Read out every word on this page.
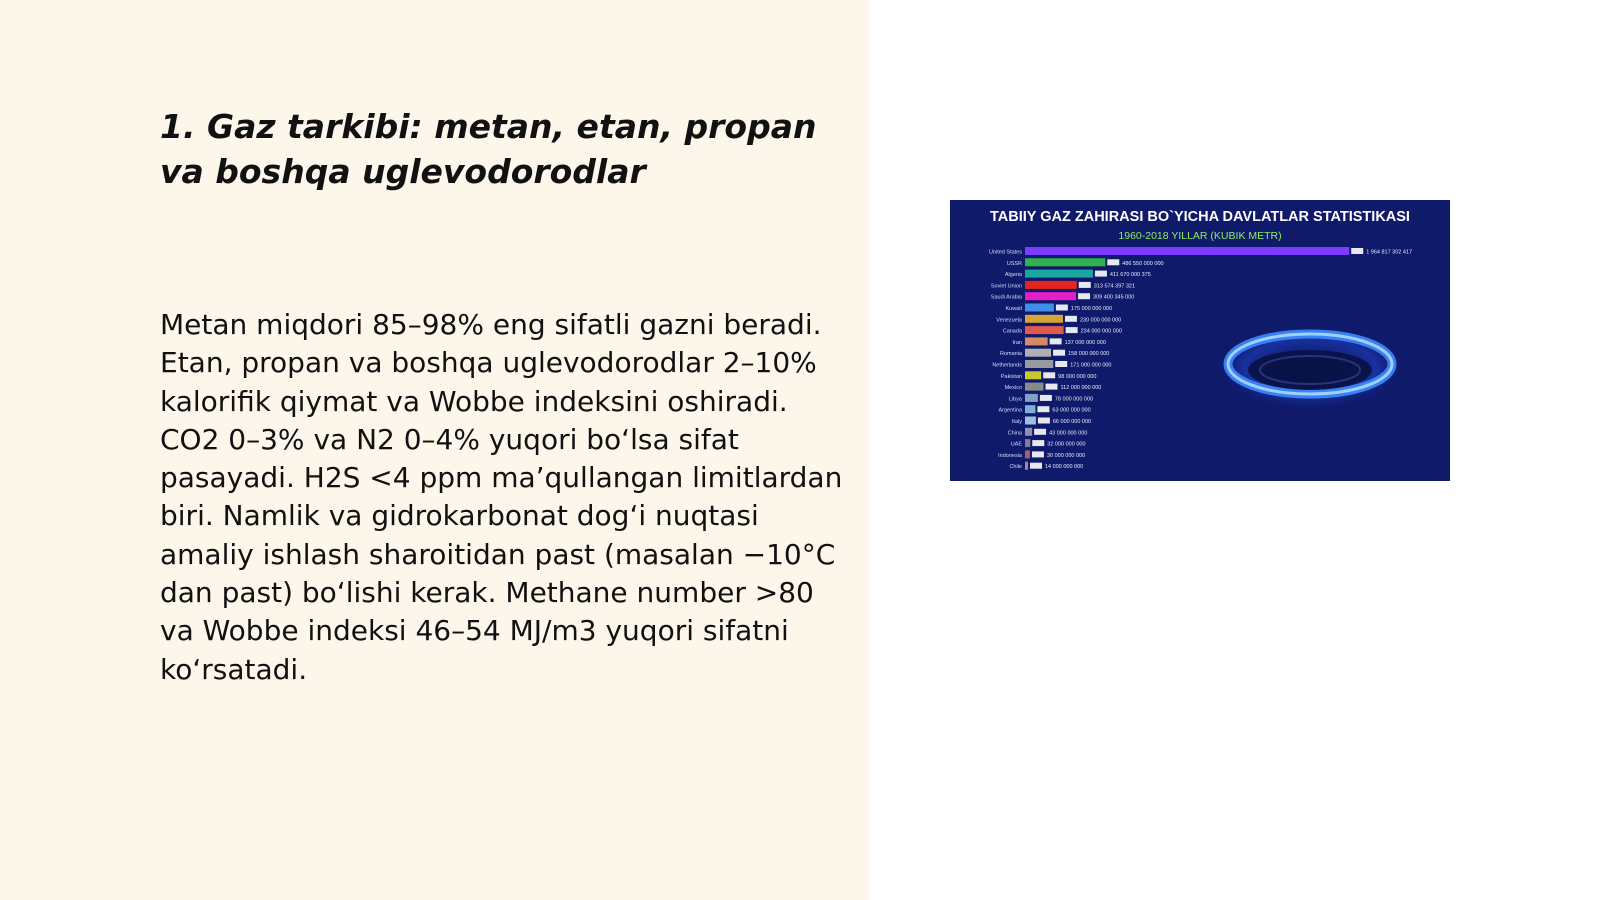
1. Gaz tarkibi: metan, etan, propan va boshqa uglevodorodlar

Metan miqdori 85–98% eng sifatli gazni beradi. Etan, propan va boshqa uglevodorodlar 2–10% kalorifik qiymat va Wobbe indeksini oshiradi. CO2 0–3% va N2 0–4% yuqori bo‘lsa sifat pasayadi. H2S <4 ppm ma’qullangan limitlardan biri. Namlik va gidrokarbonat dog‘i nuqtasi amaliy ishlash sharoitidan past (masalan −10°C dan past) bo‘lishi kerak. Methane number >80 va Wobbe indeksi 46–54 MJ/m3 yuqori sifatni ko‘rsatadi.

TABIIY GAZ ZAHIRASI BO`YICHA DAVLATLAR STATISTIKASI
1960-2018 YILLAR (KUBIK METR)
United States	1 964 817 302 417
USSR	486 550 000 000
Algeria	411 670 000 375
Soviet Union	313 574 397 321
Saudi Arabia	309 400 345 000
Kuwait	175 000 000 000
Venezuela	230 000 000 000
Canada	234 000 000 000
Iran	137 000 000 000
Romania	158 000 000 000
Netherlands	171 000 000 000
Pakistan	98 000 000 000
Mexico	112 000 000 000
Libya	78 000 000 000
Argentina	63 000 000 000
Italy	66 000 000 000
China	43 000 000 000
UAE	32 000 000 000
Indonesia	30 000 000 000
Chile	14 000 000 000
